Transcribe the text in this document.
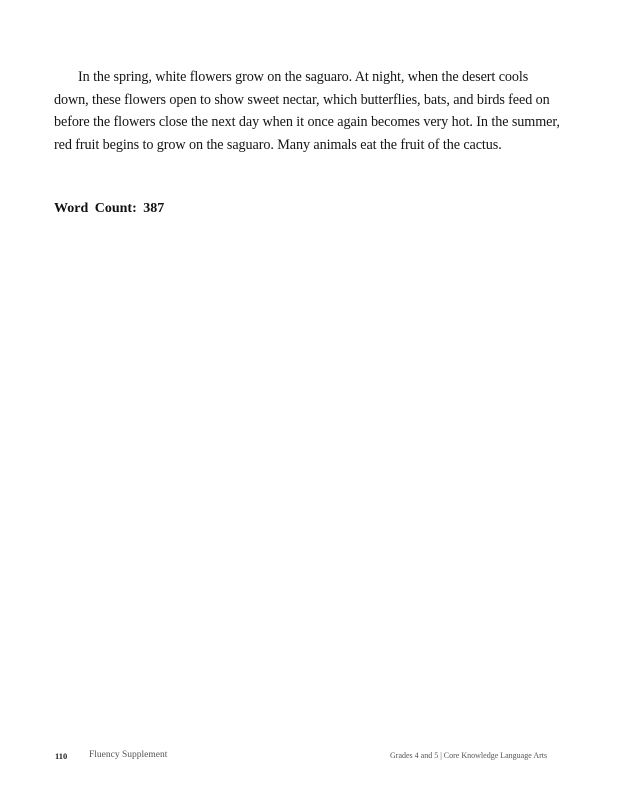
In the spring, white flowers grow on the saguaro. At night, when the desert cools down, these flowers open to show sweet nectar, which butterflies, bats, and birds feed on before the flowers close the next day when it once again becomes very hot. In the summer, red fruit begins to grow on the saguaro. Many animals eat the fruit of the cactus.

Word Count: 387
110 Fluency Supplement	Grades 4 and 5 | Core Knowledge Language Arts
